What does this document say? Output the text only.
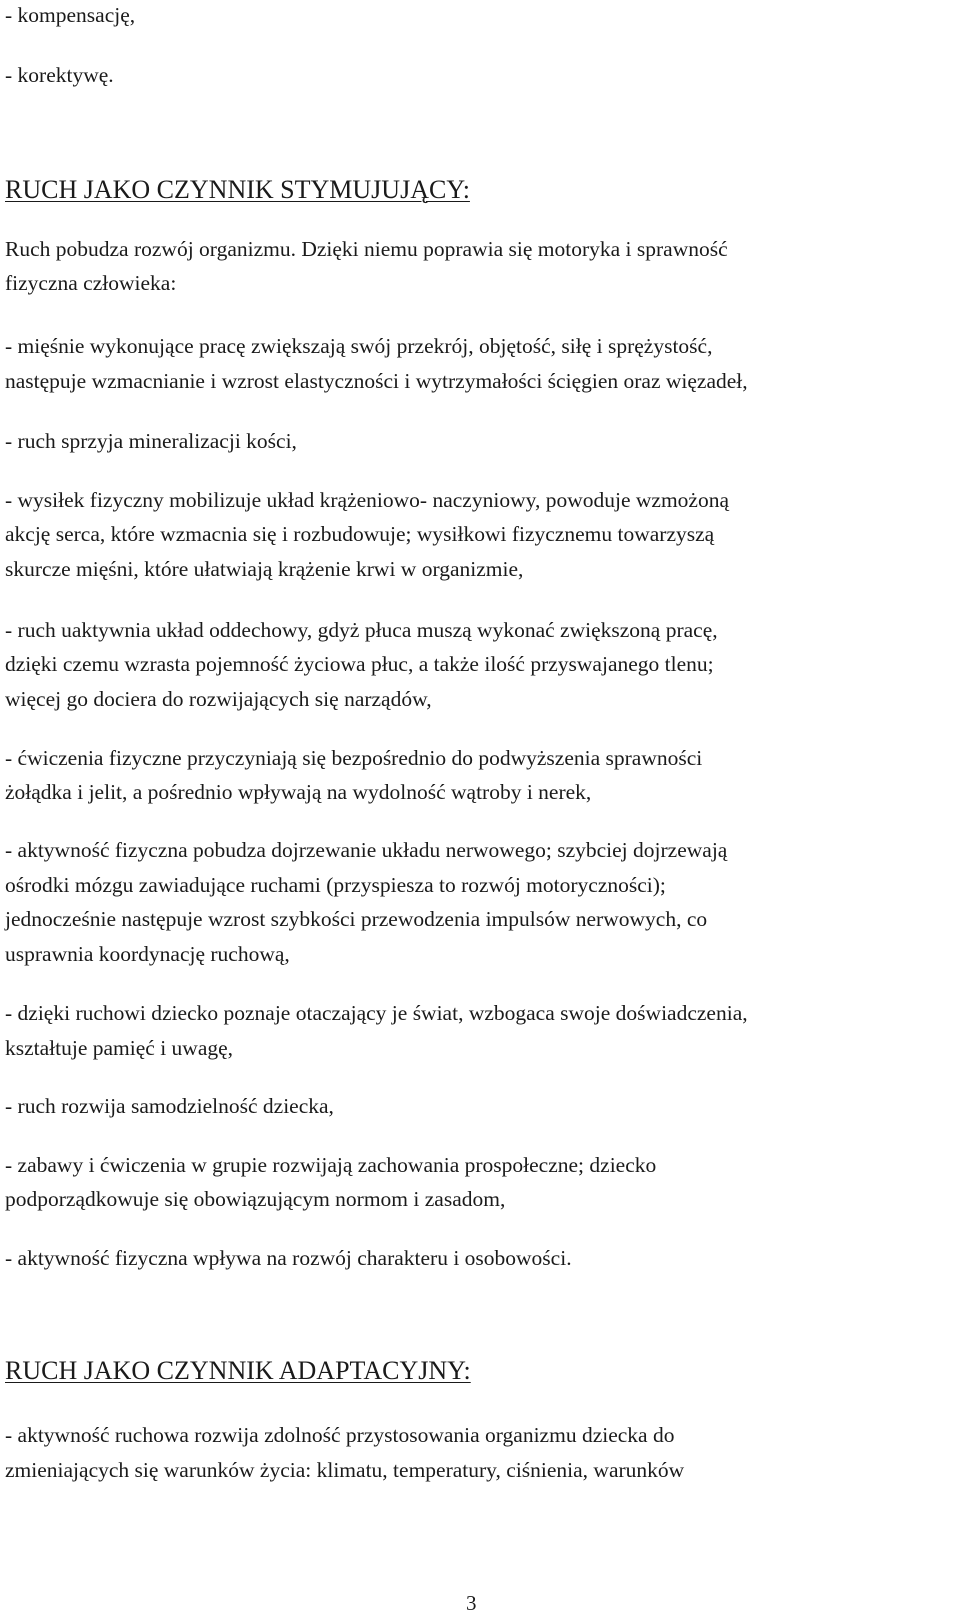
- kompensację,
- korektywę.
RUCH JAKO CZYNNIK STYMUJUJĄCY:
Ruch pobudza rozwój organizmu. Dzięki niemu poprawia się motoryka i sprawność
fizyczna człowieka:
- mięśnie wykonujące pracę zwiększają swój przekrój, objętość, siłę i sprężystość,
następuje wzmacnianie i wzrost elastyczności i wytrzymałości ścięgien oraz więzadeł,
- ruch sprzyja mineralizacji kości,
- wysiłek fizyczny mobilizuje układ krążeniowo- naczyniowy, powoduje wzmożoną
akcję serca, które wzmacnia się i rozbudowuje; wysiłkowi fizycznemu towarzyszą
skurcze mięśni, które ułatwiają krążenie krwi w organizmie,
- ruch uaktywnia układ oddechowy, gdyż płuca muszą wykonać zwiększoną pracę,
dzięki czemu wzrasta pojemność życiowa płuc, a także ilość przyswajanego tlenu;
więcej go dociera do rozwijających się narządów,
- ćwiczenia fizyczne przyczyniają się bezpośrednio do podwyższenia sprawności
żołądka i jelit, a pośrednio wpływają na wydolność wątroby i nerek,
- aktywność fizyczna pobudza dojrzewanie układu nerwowego; szybciej dojrzewają
ośrodki mózgu zawiadujące ruchami (przyspiesza to rozwój motoryczności);
jednocześnie następuje wzrost szybkości przewodzenia impulsów nerwowych, co
usprawnia koordynację ruchową,
- dzięki ruchowi dziecko poznaje otaczający je świat, wzbogaca swoje doświadczenia,
kształtuje pamięć i uwagę,
- ruch rozwija samodzielność dziecka,
- zabawy i ćwiczenia w grupie rozwijają zachowania prospołeczne; dziecko
podporządkowuje się obowiązującym normom i zasadom,
- aktywność fizyczna wpływa na rozwój charakteru i osobowości.
RUCH JAKO CZYNNIK ADAPTACYJNY:
- aktywność ruchowa rozwija zdolność przystosowania organizmu dziecka do
zmieniających się warunków życia: klimatu, temperatury, ciśnienia, warunków
3
